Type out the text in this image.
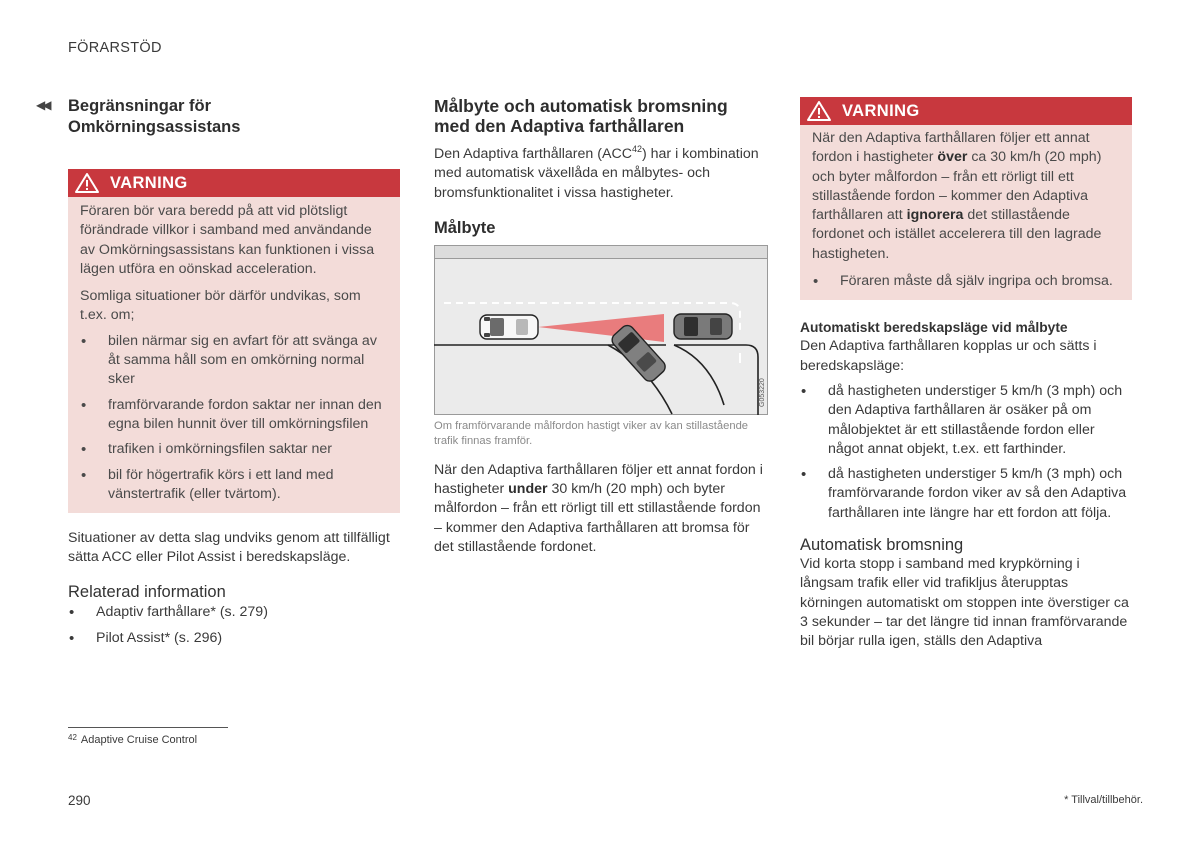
FÖRARSTÖD
◀◀ Begränsningar för
Omkörningsassistans
VARNING

Föraren bör vara beredd på att vid plötsligt förändrade villkor i samband med användande av Omkörningsassistans kan funktionen i vissa lägen utföra en oönskad acceleration.

Somliga situationer bör därför undvikas, som t.ex. om;

• bilen närmar sig en avfart för att svänga av åt samma håll som en omkörning normal sker
• framförvarande fordon saktar ner innan den egna bilen hunnit över till omkörningsfilen
• trafiken i omkörningsfilen saktar ner
• bil för högertrafik körs i ett land med vänstertrafik (eller tvärtom).

Situationer av detta slag undviks genom att tillfälligt sätta ACC eller Pilot Assist i beredskapsläge.

Relaterad information
• Adaptiv farthållare* (s. 279)
• Pilot Assist* (s. 296)
Målbyte och automatisk bromsning
med den Adaptiva farthållaren

Den Adaptiva farthållaren (ACC$^{42}$) har i kombination med automatisk växellåda en målbytes- och bromsfunktionalitet i vissa hastigheter.

Målbyte
G053220

Om framförvarande målfordon hastigt viker av kan stillastående trafik finnas framför.

När den Adaptiva farthållaren följer ett annat fordon i hastigheter under 30 km/h (20 mph) och byter målfordon – från ett rörligt till ett stillastående fordon – kommer den Adaptiva farthållaren att bromsa för det stillastående fordonet.

VARNING

När den Adaptiva farthållaren följer ett annat fordon i hastigheter över ca 30 km/h (20 mph) och byter målfordon – från ett rörligt till ett stillastående fordon – kommer den Adaptiva farthållaren att ignorera det stillastående fordonet och istället accelerera till den lagrade hastigheten.

• Föraren måste då själv ingripa och bromsa.
Automatiskt beredskapsläge vid målbyte

Den Adaptiva farthållaren kopplas ur och sätts i beredskapsläge:

• då hastigheten understiger 5 km/h (3 mph) och den Adaptiva farthållaren är osäker på om målobjektet är ett stillastående fordon eller något annat objekt, t.ex. ett farthinder.
• då hastigheten understiger 5 km/h (3 mph) och framförvarande fordon viker av så den Adaptiva farthållaren inte längre har ett fordon att följa.
Automatisk bromsning

Vid korta stopp i samband med krypkörning i långsam trafik eller vid trafikljus återupptas körningen automatiskt om stoppen inte överstiger ca 3 sekunder – tar det längre tid innan framförvarande bil börjar rulla igen, ställs den Adaptiva

$^{42}$ Adaptive Cruise Control
290	* Tillval/tillbehör.
